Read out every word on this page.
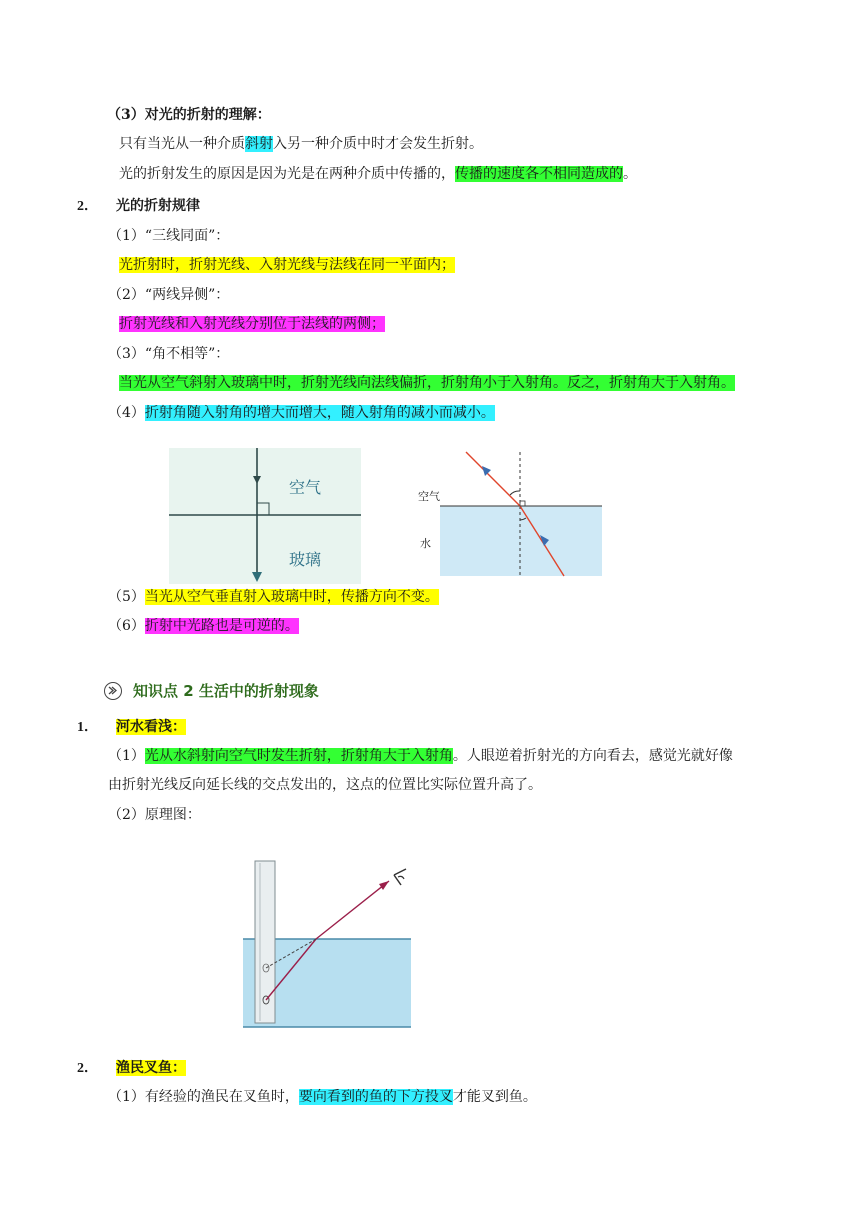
（3）对光的折射的理解：
只有当光从一种介质斜射入另一种介质中时才会发生折射。
光的折射发生的原因是因为光是在两种介质中传播的，传播的速度各不相同造成的。
2． 光的折射规律
（1）“三线同面”：
光折射时，折射光线、入射光线与法线在同一平面内；
（2）“两线异侧”：
折射光线和入射光线分别位于法线的两侧；
（3）“角不相等”：
当光从空气斜射入玻璃中时，折射光线向法线偏折，折射角小于入射角。反之，折射角大于入射角。
（4）折射角随入射角的增大而增大，随入射角的减小而减小。
空气
玻璃
空气
水
（5）当光从空气垂直射入玻璃中时，传播方向不变。
（6）折射中光路也是可逆的。
知识点 2 生活中的折射现象
1． 河水看浅：
（1）光从水斜射向空气时发生折射，折射角大于入射角。人眼逆着折射光的方向看去，感觉光就好像
由折射光线反向延长线的交点发出的，这点的位置比实际位置升高了。
（2）原理图：
2． 渔民叉鱼：
（1）有经验的渔民在叉鱼时，要向看到的鱼的下方投叉才能叉到鱼。
